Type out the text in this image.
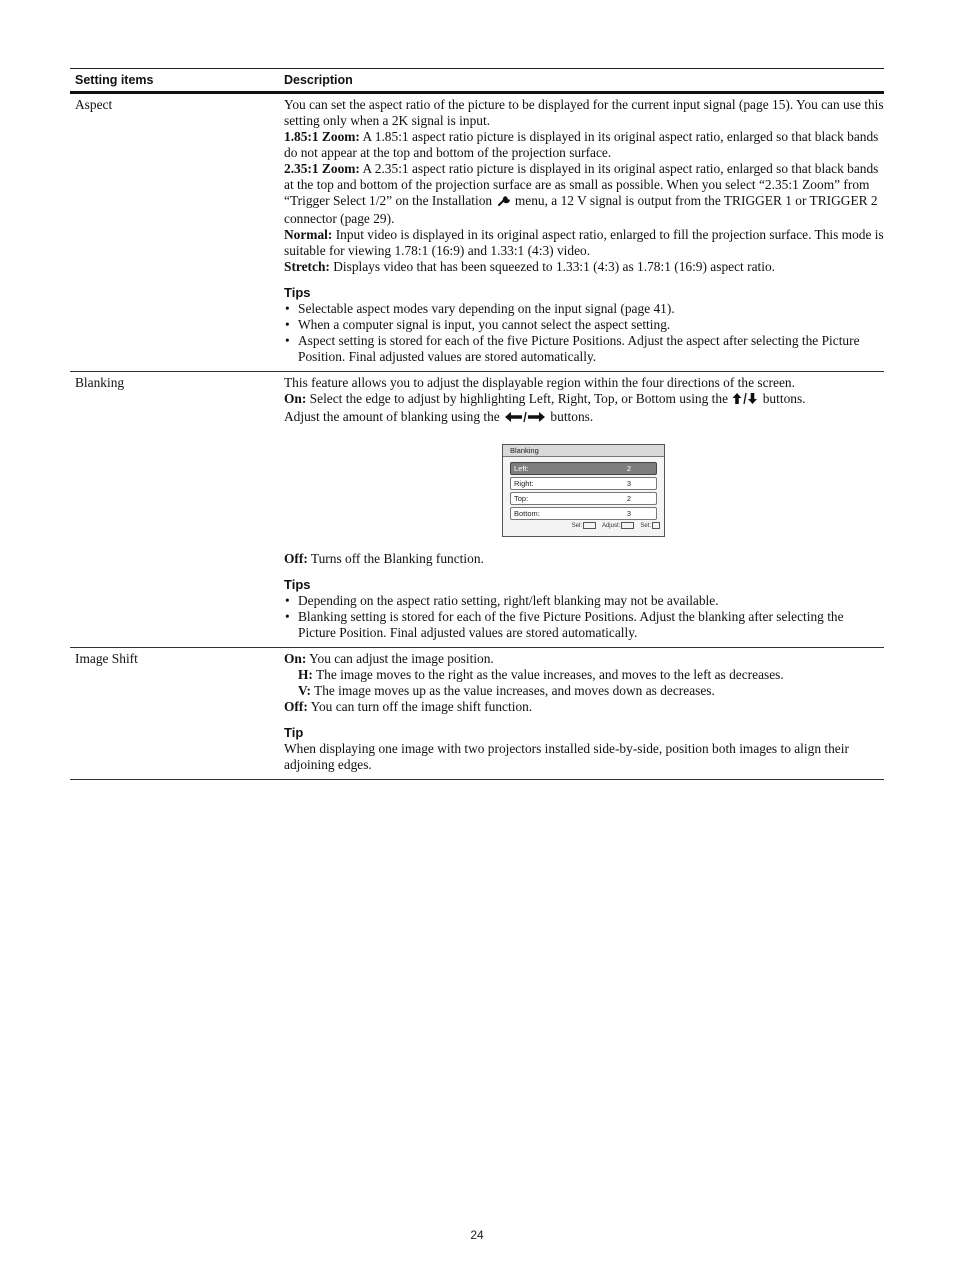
Setting items	Description
Aspect	You can set the aspect ratio of the picture to be displayed for the current input signal (page 15). You can use this setting only when a 2K signal is input.

1.85:1 Zoom: A 1.85:1 aspect ratio picture is displayed in its original aspect ratio, enlarged so that black bands do not appear at the top and bottom of the projection surface.

2.35:1 Zoom: A 2.35:1 aspect ratio picture is displayed in its original aspect ratio, enlarged so that black bands at the top and bottom of the projection surface are as small as possible. When you select “2.35:1 Zoom” from “Trigger Select 1/2” on the Installation  menu, a 12 V signal is output from the TRIGGER 1 or TRIGGER 2 connector (page 29).

Normal: Input video is displayed in its original aspect ratio, enlarged to fill the projection surface. This mode is suitable for viewing 1.78:1 (16:9) and 1.33:1 (4:3) video.

Stretch: Displays video that has been squeezed to 1.33:1 (4:3) as 1.78:1 (16:9) aspect ratio.

Tips
• Selectable aspect modes vary depending on the input signal (page 41).
• When a computer signal is input, you cannot select the aspect setting.
• Aspect setting is stored for each of the five Picture Positions. Adjust the aspect after selecting the Picture Position. Final adjusted values are stored automatically.
Blanking	This feature allows you to adjust the displayable region within the four directions of the screen.

On: Select the edge to adjust by highlighting Left, Right, Top, or Bottom using the  buttons.

Adjust the amount of blanking using the	buttons.

Blanking
Left:	2
Right:	3
Top:	2
Bottom:	3
Sel:	Adjust:	Set:

Off: Turns off the Blanking function.

Tips
• Depending on the aspect ratio setting, right/left blanking may not be available.
• Blanking setting is stored for each of the five Picture Positions. Adjust the blanking after selecting the Picture Position. Final adjusted values are stored automatically.
Image Shift	On: You can adjust the image position.

H: The image moves to the right as the value increases, and moves to the left as decreases.

V: The image moves up as the value increases, and moves down as decreases.

Off: You can turn off the image shift function.

Tip

When displaying one image with two projectors installed side-by-side, position both images to align their adjoining edges.

24
